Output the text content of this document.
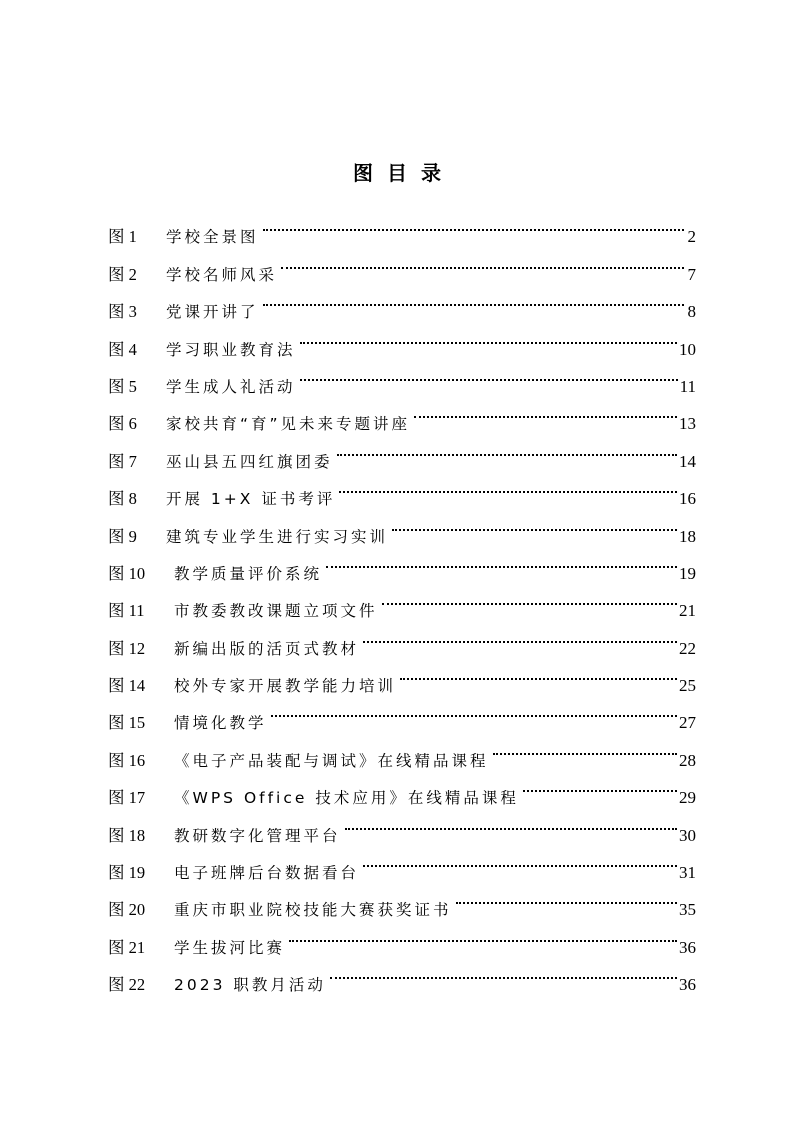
图目录
图 1	学校全景图	2
图 2	学校名师风采	7
图 3	党课开讲了	8
图 4	学习职业教育法	10
图 5	学生成人礼活动	11
图 6	家校共育“育”见未来专题讲座	13
图 7	巫山县五四红旗团委	14
图 8	开展 1+X 证书考评	16
图 9	建筑专业学生进行实习实训	18
图 10	教学质量评价系统	19
图 11	市教委教改课题立项文件	21
图 12	新编出版的活页式教材	22
图 14	校外专家开展教学能力培训	25
图 15	情境化教学	27
图 16	《电子产品装配与调试》在线精品课程	28
图 17	《WPS Office 技术应用》在线精品课程	29
图 18	教研数字化管理平台	30
图 19	电子班牌后台数据看台	31
图 20	重庆市职业院校技能大赛获奖证书	35
图 21	学生拔河比赛	36
图 22	2023 职教月活动	36
